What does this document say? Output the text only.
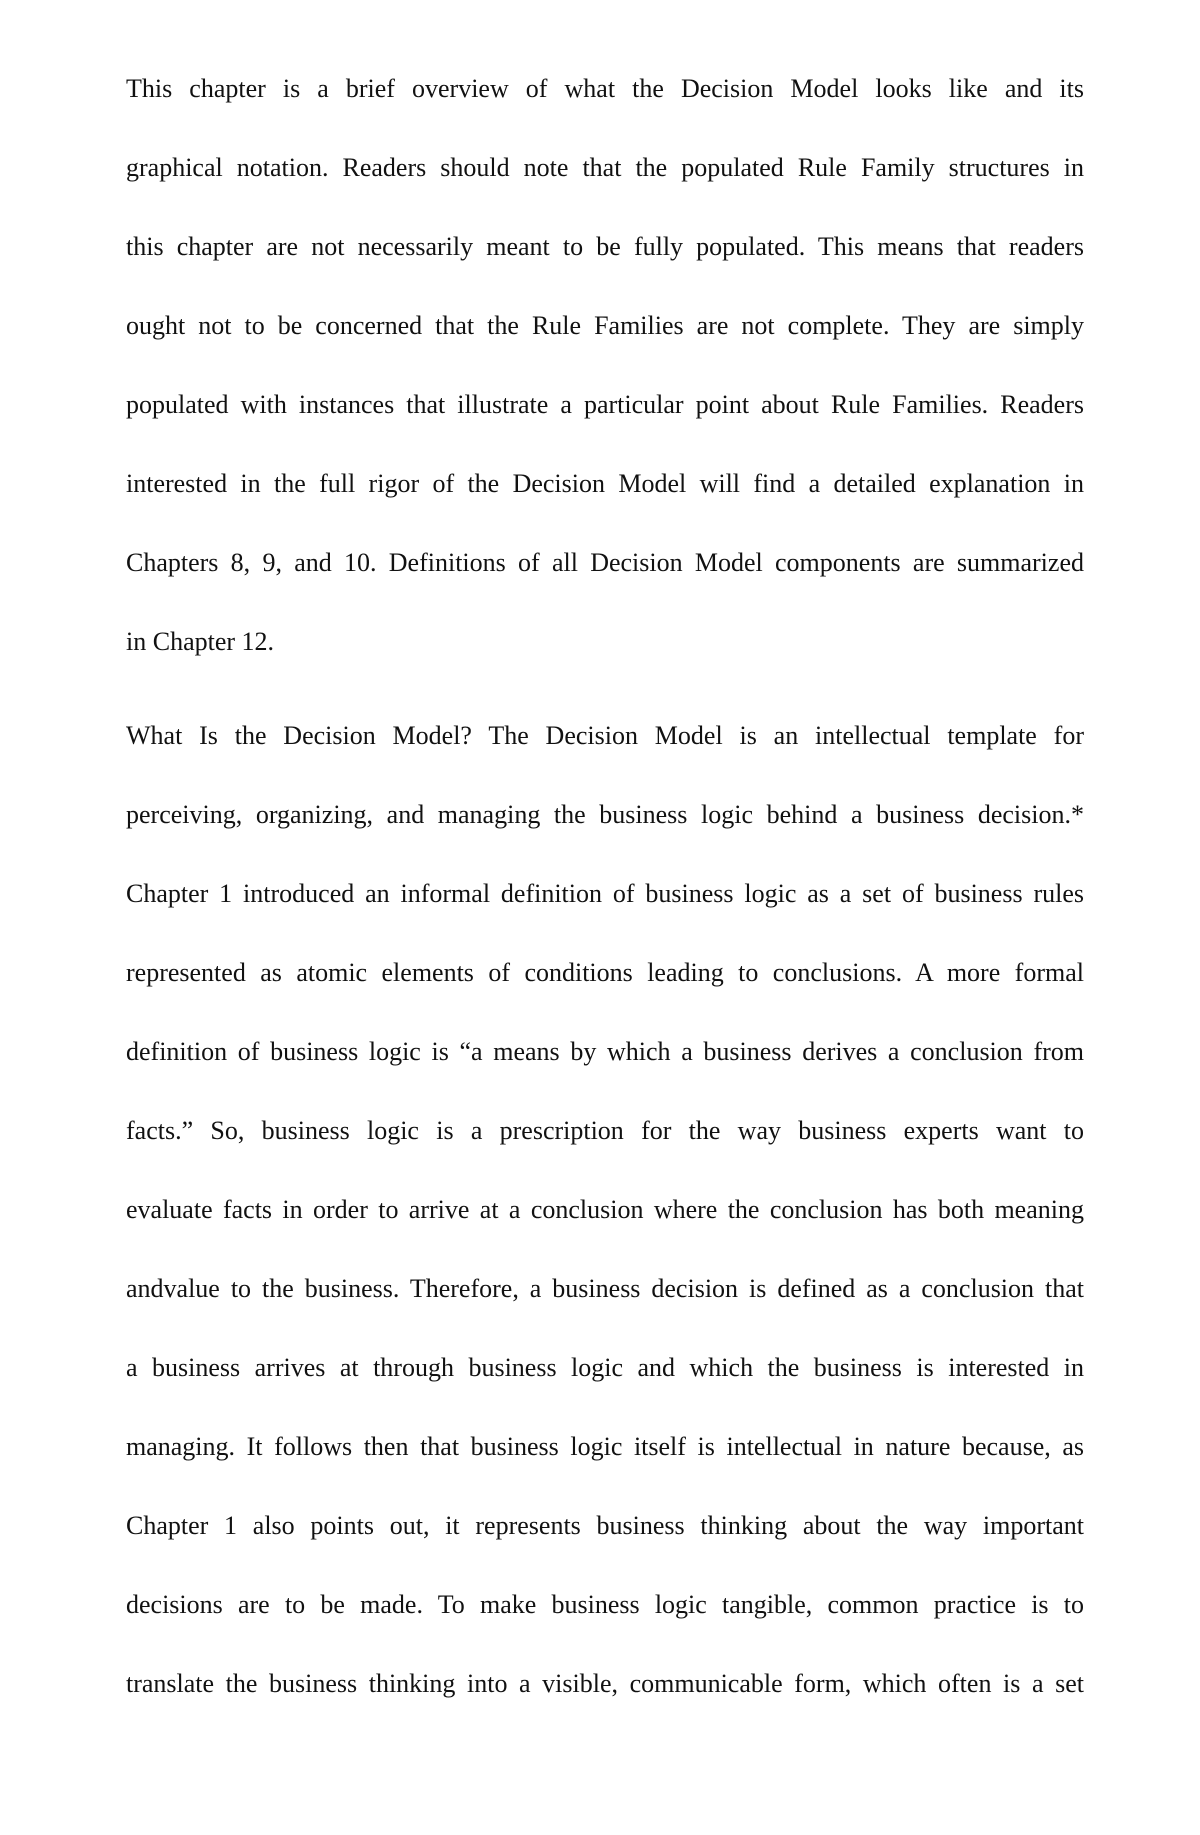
This chapter is a brief overview of what the Decision Model looks like and its
graphical notation. Readers should note that the populated Rule Family structures in
this chapter are not necessarily meant to be fully populated. This means that readers
ought not to be concerned that the Rule Families are not complete. They are simply
populated with instances that illustrate a particular point about Rule Families. Readers
interested in the full rigor of the Decision Model will find a detailed explanation in
Chapters 8, 9, and 10. Definitions of all Decision Model components are summarized
in Chapter 12.
What Is the Decision Model? The Decision Model is an intellectual template for
perceiving, organizing, and managing the business logic behind a business decision.*
Chapter 1 introduced an informal definition of business logic as a set of business rules
represented as atomic elements of conditions leading to conclusions. A more formal
definition of business logic is “a means by which a business derives a conclusion from
facts.” So, business logic is a prescription for the way business experts want to
evaluate facts in order to arrive at a conclusion where the conclusion has both meaning
andvalue to the business. Therefore, a business decision is defined as a conclusion that
a business arrives at through business logic and which the business is interested in
managing. It follows then that business logic itself is intellectual in nature because, as
Chapter 1 also points out, it represents business thinking about the way important
decisions are to be made. To make business logic tangible, common practice is to
translate the business thinking into a visible, communicable form, which often is a set
